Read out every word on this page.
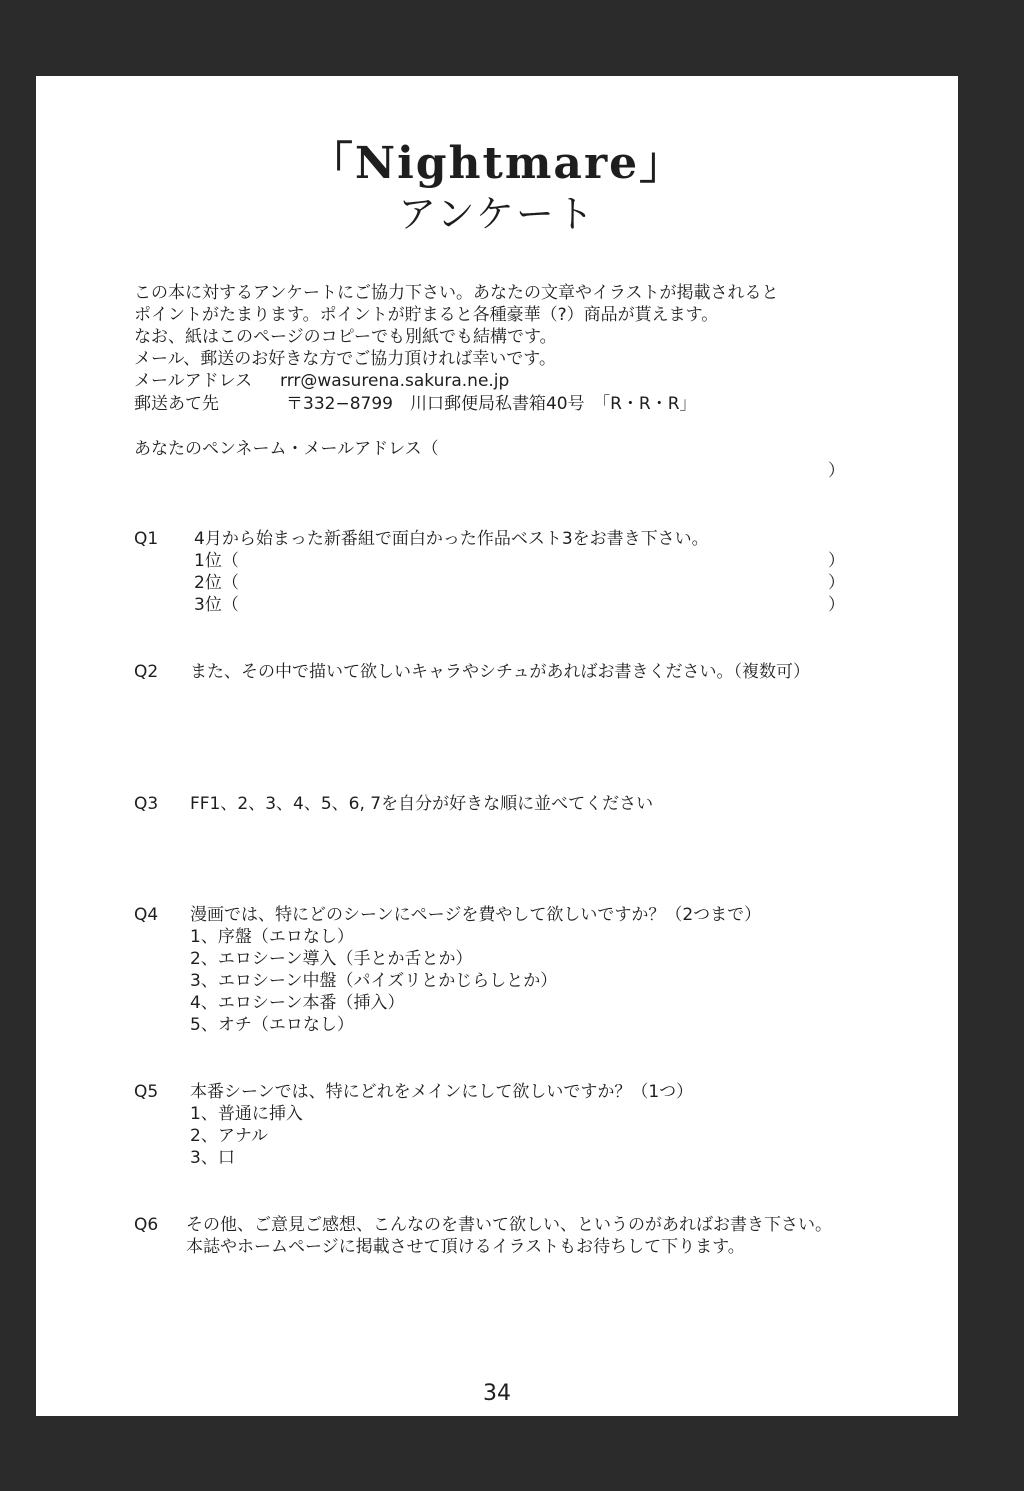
「Nightmare」
アンケート
この本に対するアンケートにご協力下さい。あなたの文章やイラストが掲載されると
ポイントがたまります。ポイントが貯まると各種豪華（?）商品が貰えます。
なお、紙はこのページのコピーでも別紙でも結構です。
メール、郵送のお好きな方でご協力頂ければ幸いです。
メールアドレス rrr@wasurena.sakura.ne.jp
郵送あて先	〒332−8799　川口郵便局私書箱40号　「R・R・R」
あなたのペンネーム・メールアドレス（
）
Q1 4月から始まった新番組で面白かった作品ベスト3をお書き下さい。
1位（	）
2位（	）
3位（	）
Q2 また、その中で描いて欲しいキャラやシチュがあればお書きください。（複数可）
Q3 FF1、2、3、4、5、6, 7を自分が好きな順に並べてください
Q4 漫画では、特にどのシーンにページを費やして欲しいですか？（2つまで）
1、序盤（エロなし）
2、エロシーン導入（手とか舌とか）
3、エロシーン中盤（パイズリとかじらしとか）
4、エロシーン本番（挿入）
5、オチ（エロなし）
Q5 本番シーンでは、特にどれをメインにして欲しいですか？（1つ）
1、普通に挿入
2、アナル
3、口
Q6 その他、ご意見ご感想、こんなのを書いて欲しい、というのがあればお書き下さい。
本誌やホームページに掲載させて頂けるイラストもお待ちして下ります。
34
